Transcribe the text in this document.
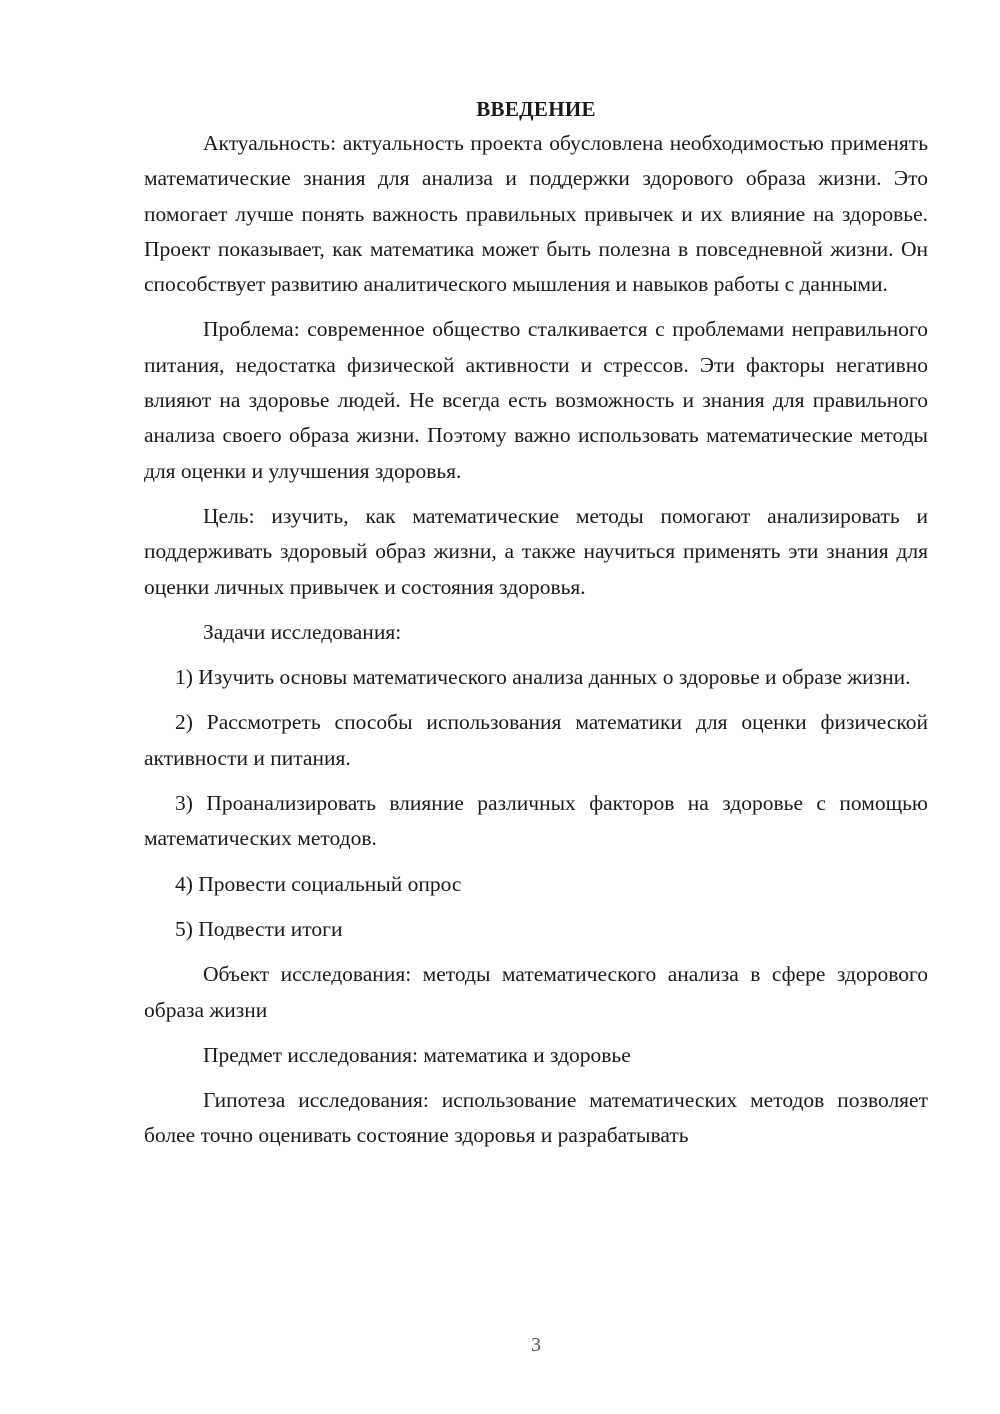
ВВЕДЕНИЕ

Актуальность: актуальность проекта обусловлена необходимостью применять математические знания для анализа и поддержки здорового образа жизни. Это помогает лучше понять важность правильных привычек и их влияние на здоровье. Проект показывает, как математика может быть полезна в повседневной жизни. Он способствует развитию аналитического мышления и навыков работы с данными.

Проблема: современное общество сталкивается с проблемами неправильного питания, недостатка физической активности и стрессов. Эти факторы негативно влияют на здоровье людей. Не всегда есть возможность и знания для правильного анализа своего образа жизни. Поэтому важно использовать математические методы для оценки и улучшения здоровья.

Цель: изучить, как математические методы помогают анализировать и поддерживать здоровый образ жизни, а также научиться применять эти знания для оценки личных привычек и состояния здоровья.

Задачи исследования:

1) Изучить основы математического анализа данных о здоровье и образе жизни.

2) Рассмотреть способы использования математики для оценки физической активности и питания.

3) Проанализировать влияние различных факторов на здоровье с помощью математических методов.

4) Провести социальный опрос

5) Подвести итоги

Объект исследования: методы математического анализа в сфере здорового образа жизни

Предмет исследования: математика и здоровье

Гипотеза исследования: использование математических методов позволяет более точно оценивать состояние здоровья и разрабатывать

3
